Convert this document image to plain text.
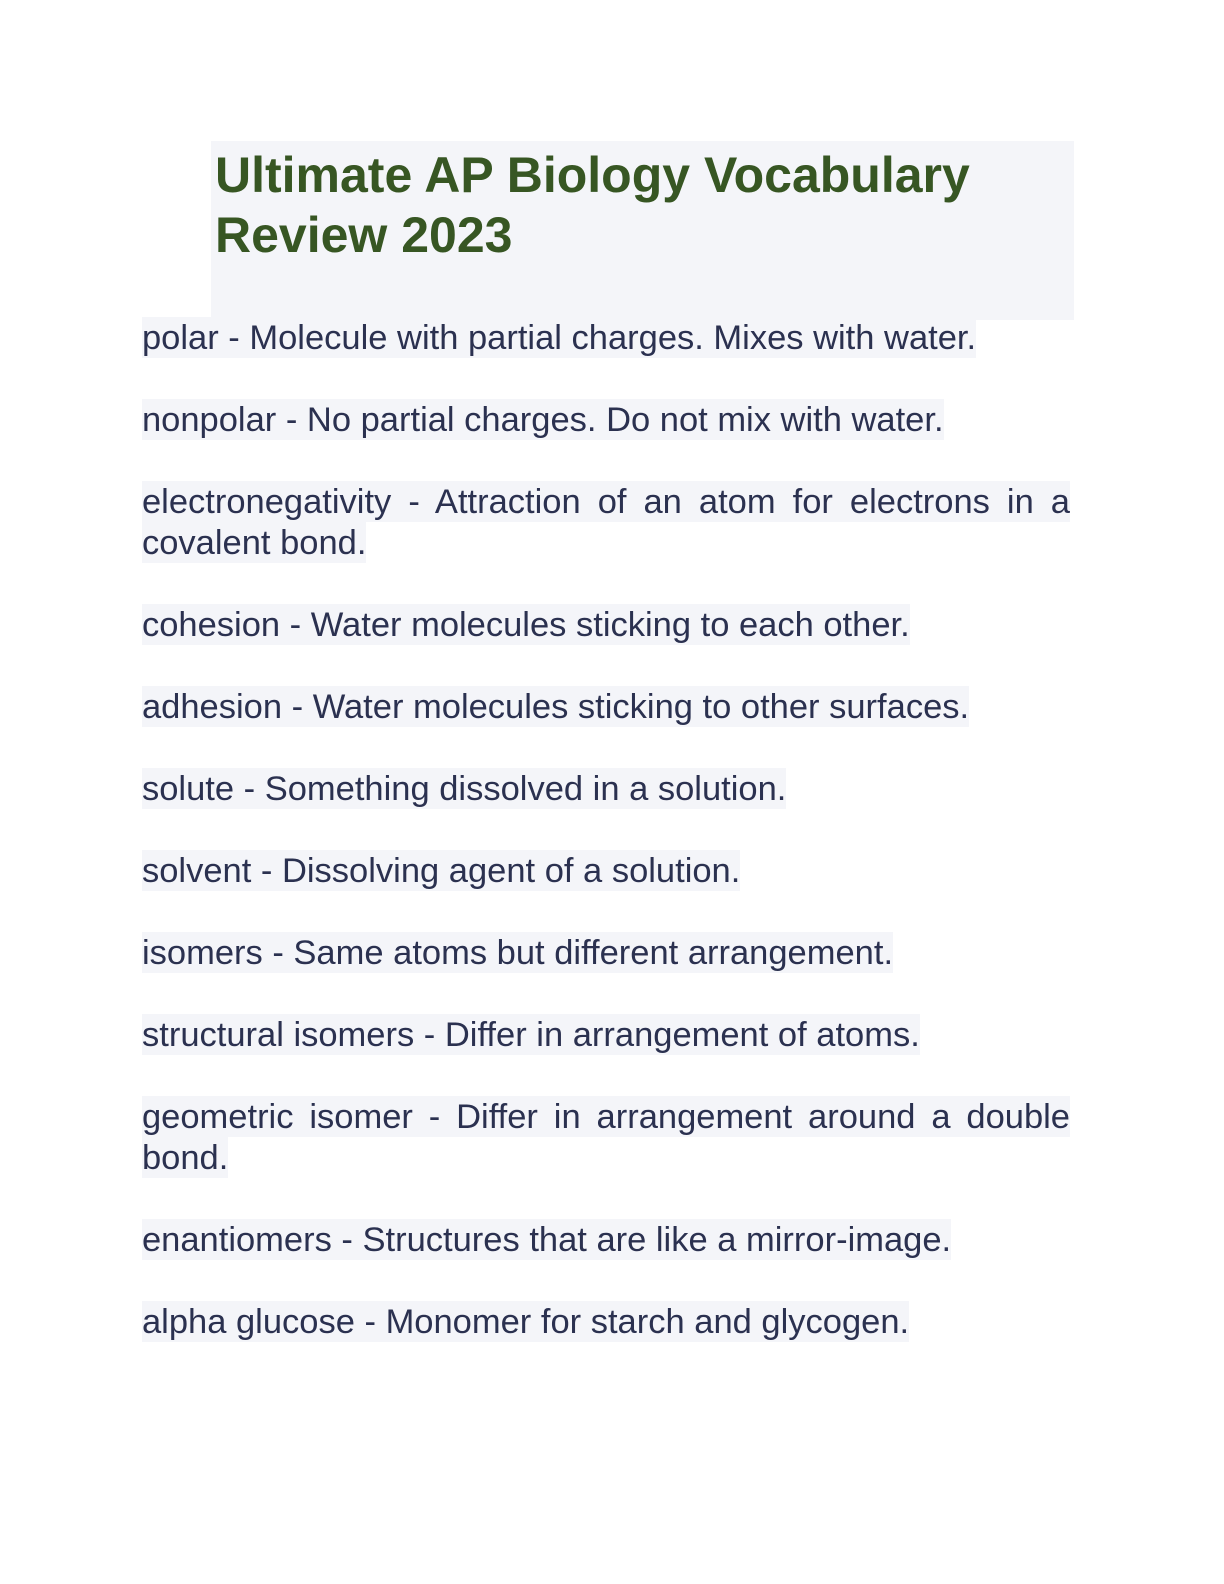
Ultimate AP Biology Vocabulary Review 2023

polar - Molecule with partial charges. Mixes with water.

nonpolar - No partial charges. Do not mix with water.

electronegativity - Attraction of an atom for electrons in a covalent bond.

cohesion - Water molecules sticking to each other.

adhesion - Water molecules sticking to other surfaces.

solute - Something dissolved in a solution.

solvent - Dissolving agent of a solution.

isomers - Same atoms but different arrangement.

structural isomers - Differ in arrangement of atoms.

geometric isomer - Differ in arrangement around a double bond.

enantiomers - Structures that are like a mirror-image.

alpha glucose - Monomer for starch and glycogen.
